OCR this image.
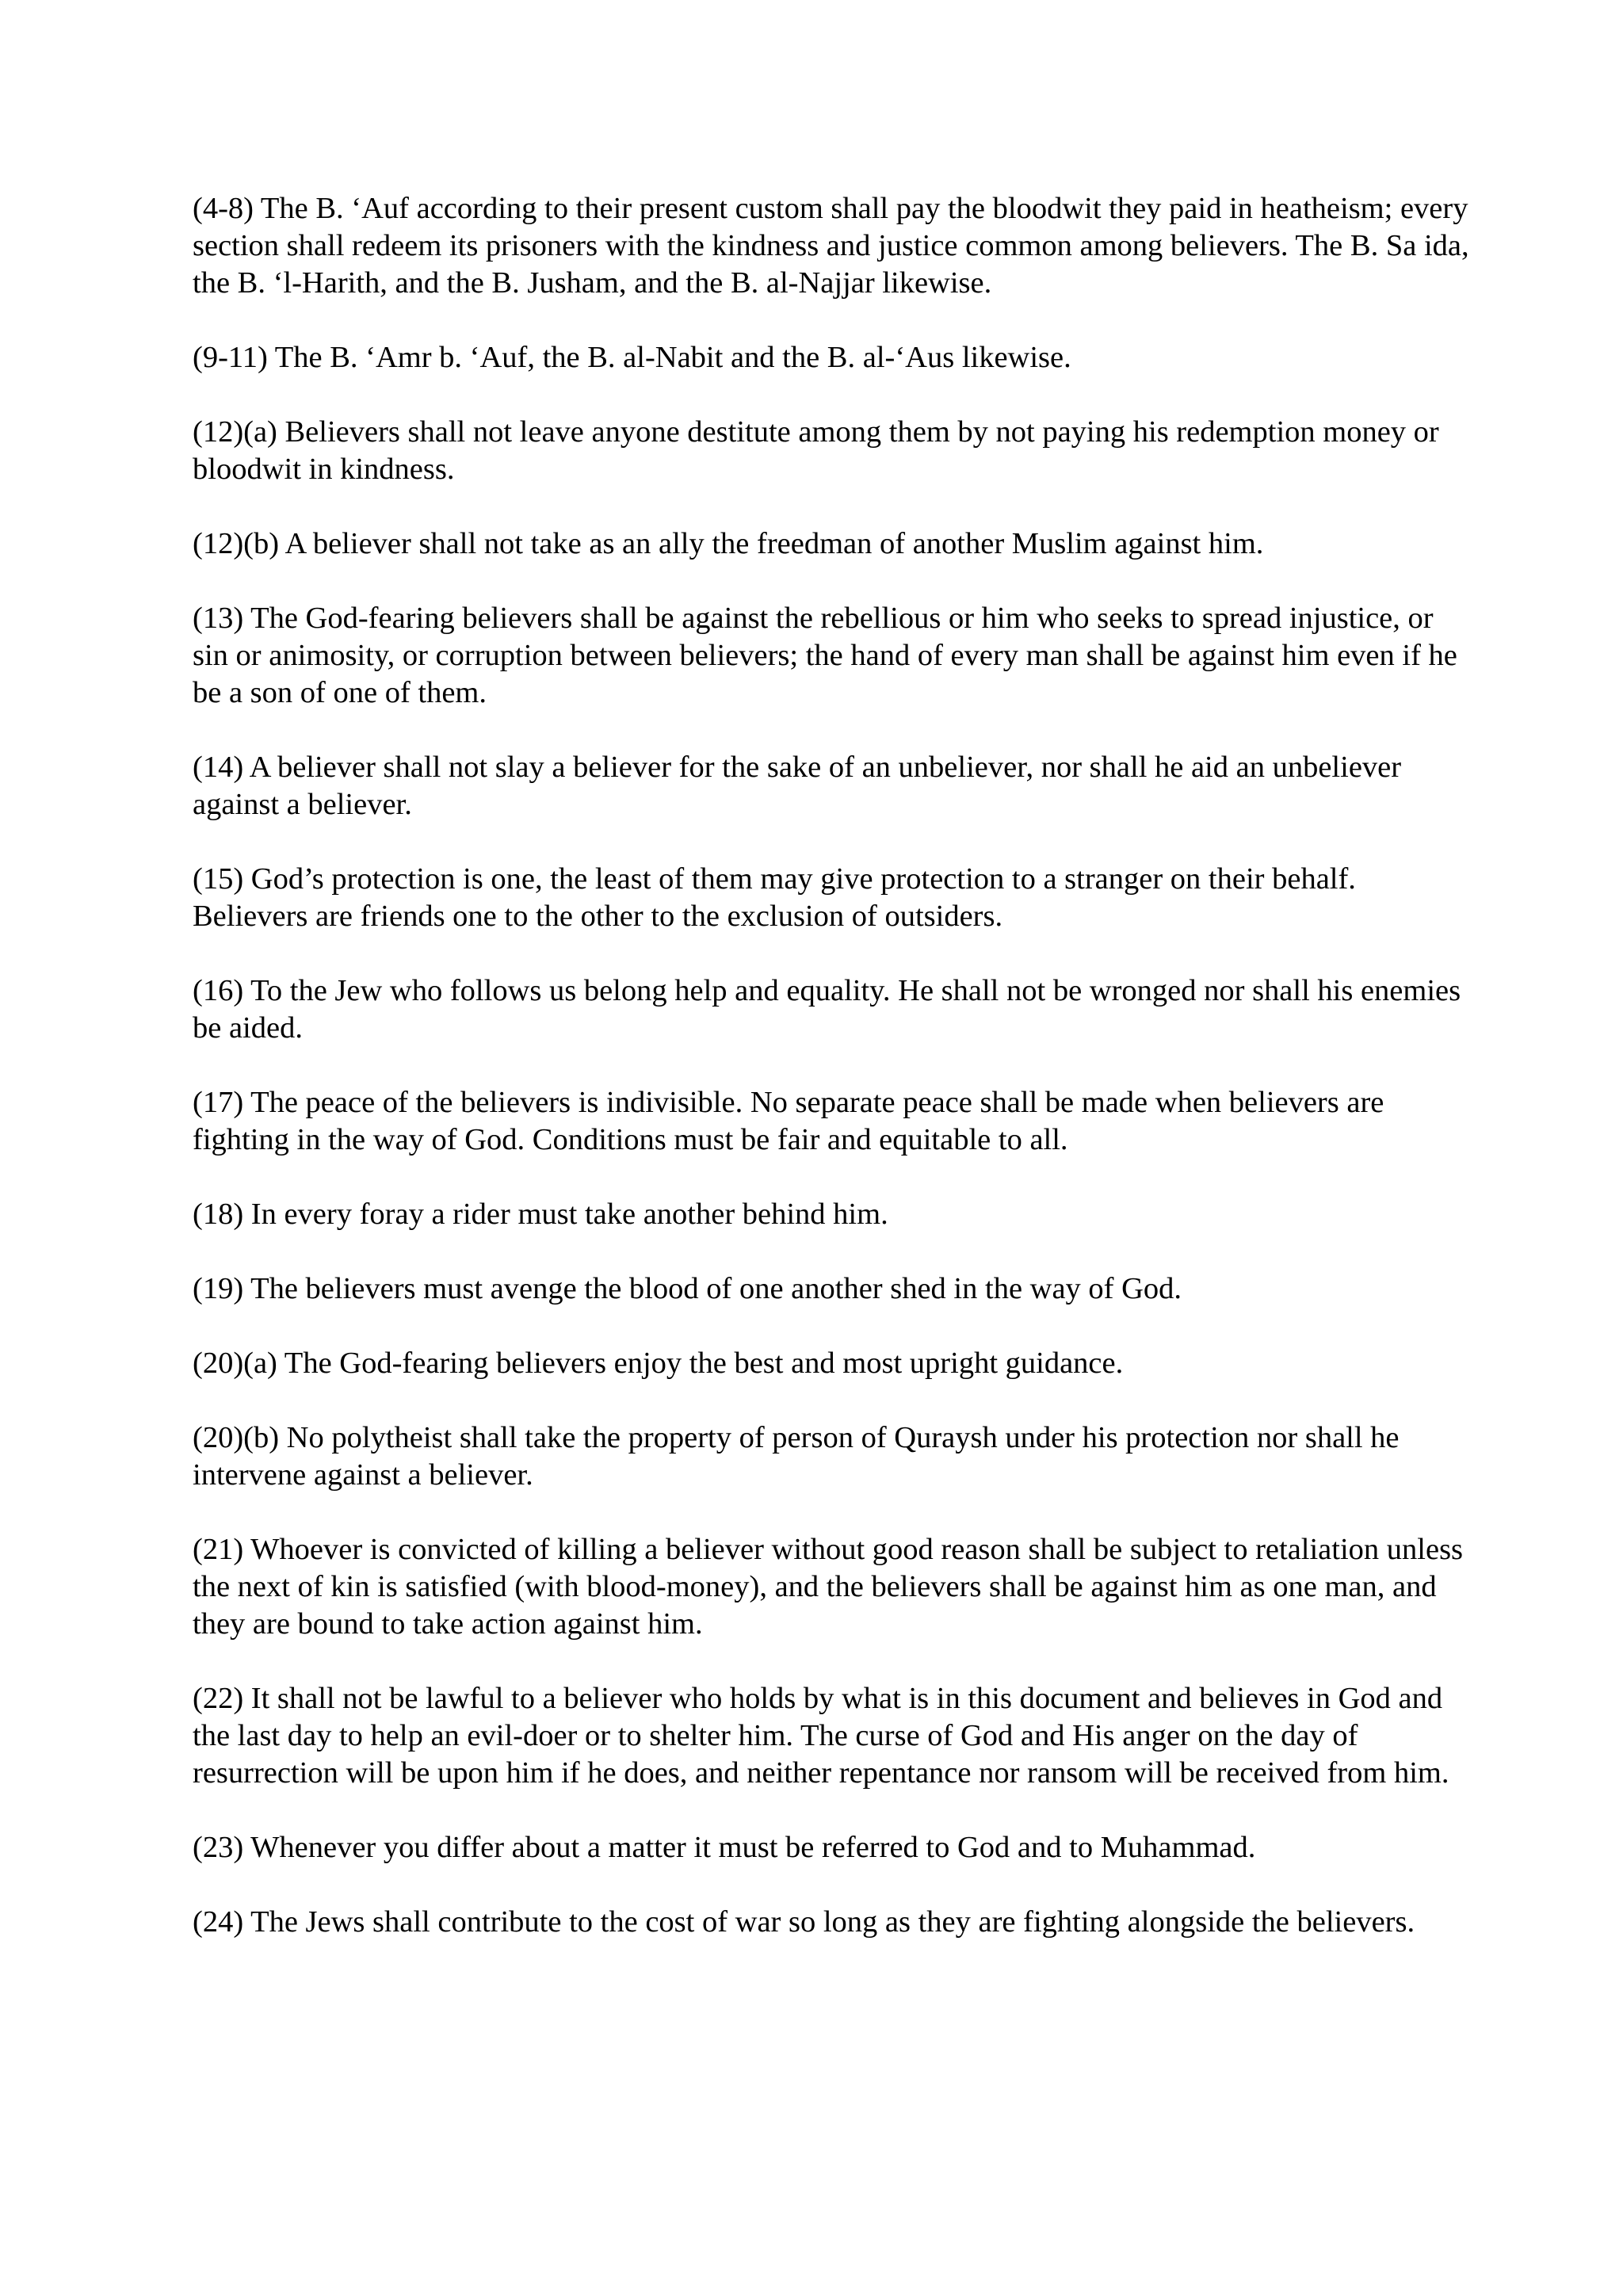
(4-8) The B. ‘Auf according to their present custom shall pay the bloodwit they paid in heatheism; every section shall redeem its prisoners with the kindness and justice common among believers. The B. Sa ida, the B. ‘l-Harith, and the B. Jusham, and the B. al-Najjar likewise.

(9-11) The B. ‘Amr b. ‘Auf, the B. al-Nabit and the B. al-‘Aus likewise.

(12)(a) Believers shall not leave anyone destitute among them by not paying his redemption money or bloodwit in kindness.

(12)(b) A believer shall not take as an ally the freedman of another Muslim against him.

(13) The God-fearing believers shall be against the rebellious or him who seeks to spread injustice, or sin or animosity, or corruption between believers; the hand of every man shall be against him even if he be a son of one of them.

(14) A believer shall not slay a believer for the sake of an unbeliever, nor shall he aid an unbeliever against a believer.

(15) God’s protection is one, the least of them may give protection to a stranger on their behalf. Believers are friends one to the other to the exclusion of outsiders.

(16) To the Jew who follows us belong help and equality. He shall not be wronged nor shall his enemies be aided.

(17) The peace of the believers is indivisible. No separate peace shall be made when believers are fighting in the way of God. Conditions must be fair and equitable to all.

(18) In every foray a rider must take another behind him.

(19) The believers must avenge the blood of one another shed in the way of God.

(20)(a) The God-fearing believers enjoy the best and most upright guidance.

(20)(b) No polytheist shall take the property of person of Quraysh under his protection nor shall he intervene against a believer.

(21) Whoever is convicted of killing a believer without good reason shall be subject to retaliation unless the next of kin is satisfied (with blood-money), and the believers shall be against him as one man, and they are bound to take action against him.

(22) It shall not be lawful to a believer who holds by what is in this document and believes in God and the last day to help an evil-doer or to shelter him. The curse of God and His anger on the day of resurrection will be upon him if he does, and neither repentance nor ransom will be received from him.

(23) Whenever you differ about a matter it must be referred to God and to Muhammad.

(24) The Jews shall contribute to the cost of war so long as they are fighting alongside the believers.
